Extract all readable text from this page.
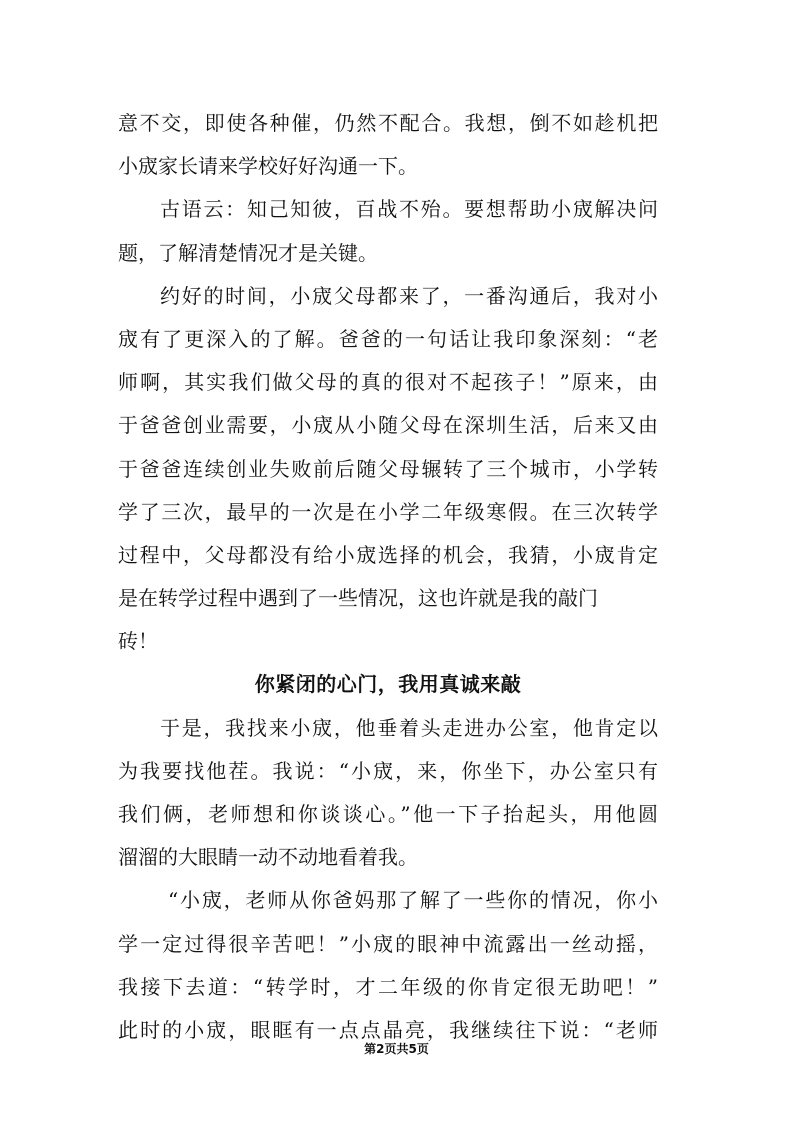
意不交，即使各种催，仍然不配合。我想，倒不如趁机把
小宬家长请来学校好好沟通一下。
古语云：知己知彼，百战不殆。要想帮助小宬解决问
题，了解清楚情况才是关键。
约好的时间，小宬父母都来了，一番沟通后，我对小
宬有了更深入的了解。爸爸的一句话让我印象深刻：“老
师啊，其实我们做父母的真的很对不起孩子！”原来，由
于爸爸创业需要，小宬从小随父母在深圳生活，后来又由
于爸爸连续创业失败前后随父母辗转了三个城市，小学转
学了三次，最早的一次是在小学二年级寒假。在三次转学
过程中，父母都没有给小宬选择的机会，我猜，小宬肯定
是在转学过程中遇到了一些情况，这也许就是我的敲门
砖！
你紧闭的心门，我用真诚来敲
于是，我找来小宬，他垂着头走进办公室，他肯定以
为我要找他茬。我说：“小宬，来，你坐下，办公室只有
我们俩，老师想和你谈谈心。”他一下子抬起头，用他圆
溜溜的大眼睛一动不动地看着我。
“小宬，老师从你爸妈那了解了一些你的情况，你小
学一定过得很辛苦吧！”小宬的眼神中流露出一丝动摇，
我接下去道：“转学时，才二年级的你肯定很无助吧！”
此时的小宬，眼眶有一点点晶亮，我继续往下说：“老师
第2页共5页
